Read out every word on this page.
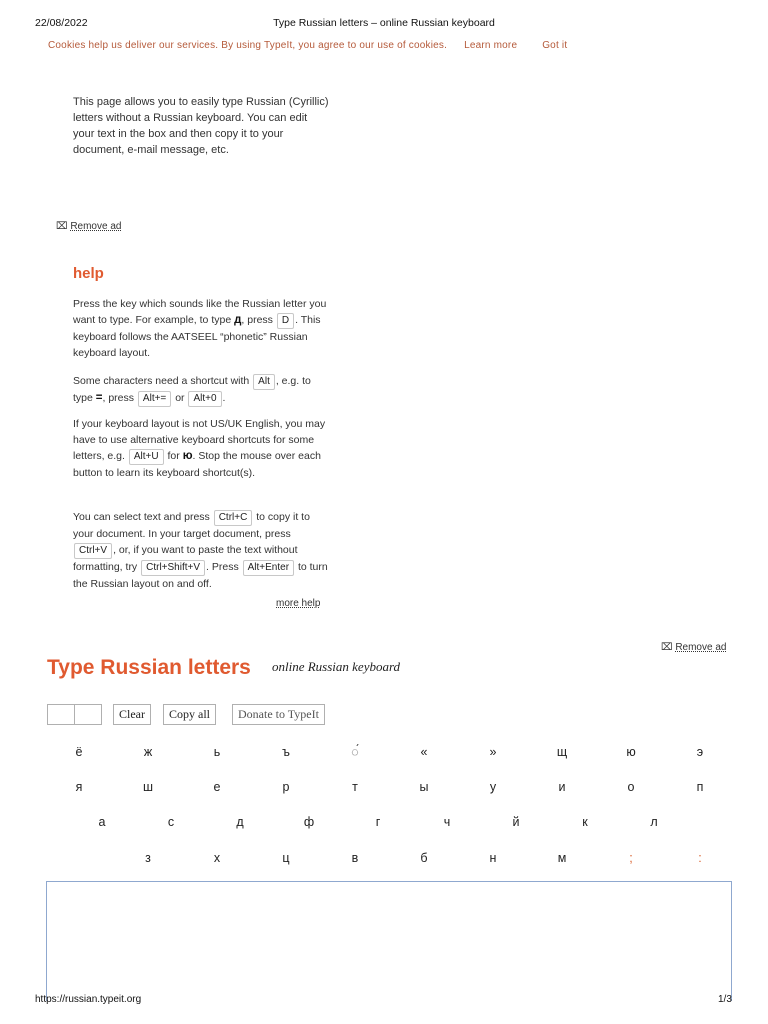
22/08/2022	Type Russian letters – online Russian keyboard
Cookies help us deliver our services. By using TypeIt, you agree to our use of cookies. Learn more Got it
This page allows you to easily type Russian (Cyrillic) letters without a Russian keyboard. You can edit your text in the box and then copy it to your document, e-mail message, etc.
⌧ Remove ad
help

Press the key which sounds like the Russian letter you want to type. For example, to type д, press D . This keyboard follows the AATSEEL “phonetic” Russian keyboard layout.

Some characters need a shortcut with Alt , e.g. to type =, press Alt+= or Alt+0 .

If your keyboard layout is not US/UK English, you may have to use alternative keyboard shortcuts for some letters, e.g. Alt+U for ю. Stop the mouse over each button to learn its keyboard shortcut(s).

You can select text and press Ctrl+C to copy it to your document. In your target document, press Ctrl+V , or, if you want to paste the text without formatting, try Ctrl+Shift+V . Press Alt+Enter to turn the Russian layout on and off.

more help
⌧ Remove ad
Type Russian letters online Russian keyboard
Clear	Copy all	Donate to TypeIt
ё	ж	ь	ъ	◌́	«	»	щ	ю	э
я	ш	е	р	т	ы	у	и	о	п
а	с	д	ф	г	ч	й	к	л
з	х	ц	в	б	н	м	;	:
https://russian.typeit.org	1/3
